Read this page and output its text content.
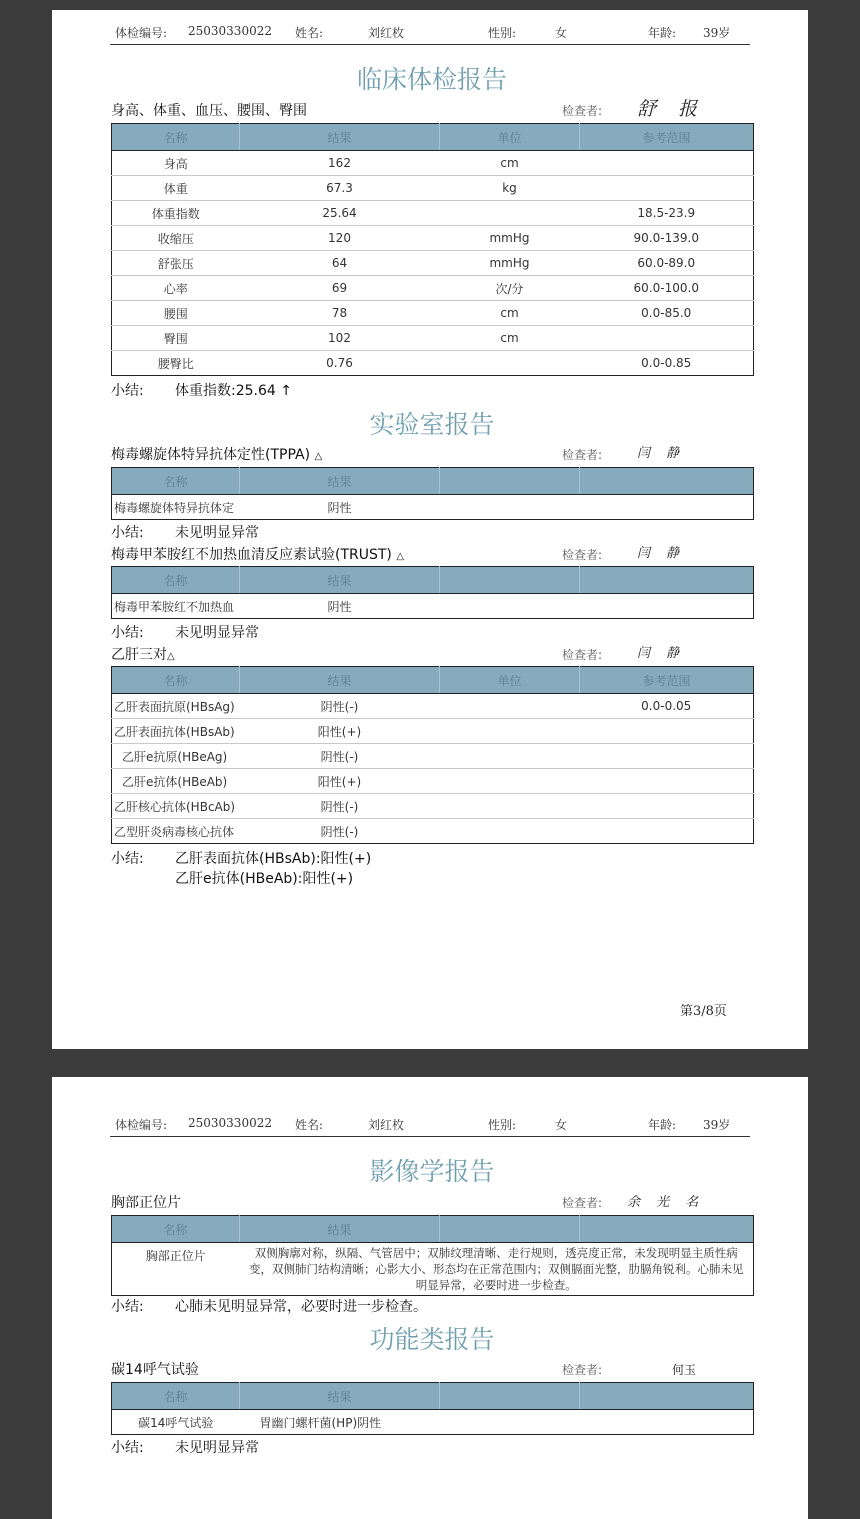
体检编号: 25030330022 姓名:	刘红枚	性别:	女	年龄: 39岁
临床体检报告
身高、体重、血压、腰围、臀围	检查者: 舒 报
名称	结果	单位	参考范围
身高	162	cm	
体重	67.3	kg	
体重指数	25.64		18.5-23.9
收缩压	120	mmHg	90.0-139.0
舒张压	64	mmHg	60.0-89.0
心率	69	次/分	60.0-100.0
腰围	78	cm	0.0-85.0
臀围	102	cm	
腰臀比	0.76		0.0-0.85
小结: 体重指数:25.64 ↑
实验室报告
梅毒螺旋体特异抗体定性(TPPA) △	检查者:	闫 静
名称	结果		
梅毒螺旋体特异抗体定	阴性		
小结: 未见明显异常
梅毒甲苯胺红不加热血清反应素试验(TRUST) △	检查者:	闫 静
名称	结果		
梅毒甲苯胺红不加热血	阴性		
小结: 未见明显异常
乙肝三对△	检查者:	闫 静
名称	结果	单位	参考范围
乙肝表面抗原(HBsAg)	阴性(-)		0.0-0.05
乙肝表面抗体(HBsAb)	阳性(+)		
乙肝e抗原(HBeAg)	阴性(-)		
乙肝e抗体(HBeAb)	阳性(+)		
乙肝核心抗体(HBcAb)	阴性(-)		
乙型肝炎病毒核心抗体	阴性(-)		
小结: 乙肝表面抗体(HBsAb):阳性(+)
乙肝e抗体(HBeAb):阳性(+)
第3/8页
体检编号: 25030330022 姓名:	刘红枚	性别:	女	年龄: 39岁
影像学报告
胸部正位片	检查者: 余 光 名
名称	结果		
胸部正位片	双侧胸廓对称，纵隔、气管居中；双肺纹理清晰、走行规则，透亮度正常，未发现明显主质性病变，双侧肺门结构清晰；心影大小、形态均在正常范围内；双侧膈面光整，肋膈角锐利。心肺未见明显异常，必要时进一步检查。		
小结: 心肺未见明显异常，必要时进一步检查。
功能类报告
碳14呼气试验	检查者:	何玉
名称	结果		
碳14呼气试验	胃幽门螺杆菌(HP)阴性		
小结: 未见明显异常
